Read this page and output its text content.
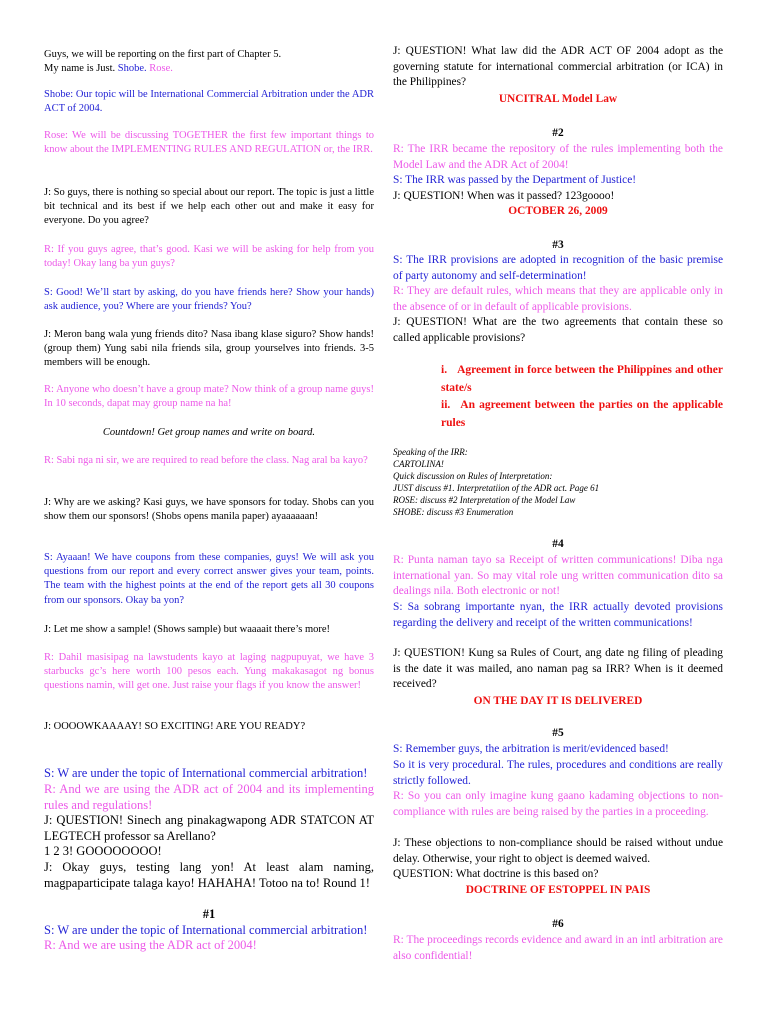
Guys, we will be reporting on the first part of Chapter 5.
My name is Just. Shobe. Rose.
Shobe: Our topic will be International Commercial Arbitration under the ADR ACT of 2004.
Rose: We will be discussing TOGETHER the first few important things to know about the IMPLEMENTING RULES AND REGULATION or, the IRR.
J: So guys, there is nothing so special about our report. The topic is just a little bit technical and its best if we help each other out and make it easy for everyone. Do you agree?
R: If you guys agree, that’s good. Kasi we will be asking for help from you today! Okay lang ba yun guys?
S: Good! We’ll start by asking, do you have friends here? Show your hands) ask audience, you? Where are your friends? You?
J: Meron bang wala yung friends dito? Nasa ibang klase siguro? Show hands! (group them) Yung sabi nila friends sila, group yourselves into friends. 3-5 members will be enough.
R: Anyone who doesn’t have a group mate? Now think of a group name guys! In 10 seconds, dapat may group name na ha!
Countdown! Get group names and write on board.
R: Sabi nga ni sir, we are required to read before the class. Nag aral ba kayo?
J: Why are we asking? Kasi guys, we have sponsors for today. Shobs can you show them our sponsors! (Shobs opens manila paper) ayaaaaaan!
S: Ayaaan! We have coupons from these companies, guys! We will ask you questions from our report and every correct answer gives your team, points. The team with the highest points at the end of the report gets all 30 coupons from our sponsors. Okay ba yon?
J: Let me show a sample! (Shows sample) but waaaait there’s more!
R: Dahil masisipag na lawstudents kayo at laging nagpupuyat, we have 3 starbucks gc’s here worth 100 pesos each. Yung makakasagot ng bonus questions namin, will get one. Just raise your flags if you know the answer!
J: OOOOWKAAAAY! SO EXCITING! ARE YOU READY?
S: W are under the topic of International commercial arbitration!
R: And we are using the ADR act of 2004 and its implementing rules and regulations!
J: QUESTION! Sinech ang pinakagwapong ADR STATCON AT LEGTECH professor sa Arellano?
1 2 3! GOOOOOOOO!
J: Okay guys, testing lang yon! At least alam naming, magpaparticipate talaga kayo! HAHAHA! Totoo na to! Round 1!
#1
S: W are under the topic of International commercial arbitration!
R: And we are using the ADR act of 2004!
J: QUESTION! What law did the ADR ACT OF 2004 adopt as the governing statute for international commercial arbitration (or ICA) in the Philippines?
UNCITRAL Model Law
#2
R: The IRR became the repository of the rules implementing both the Model Law and the ADR Act of 2004!
S: The IRR was passed by the Department of Justice!
J: QUESTION! When was it passed? 123goooo!
OCTOBER 26, 2009
#3
S: The IRR provisions are adopted in recognition of the basic premise of party autonomy and self-determination!
R: They are default rules, which means that they are applicable only in the absence of or in default of applicable provisions.
J: QUESTION! What are the two agreements that contain these so called applicable provisions?
i. Agreement in force between the Philippines and other state/s
ii. An agreement between the parties on the applicable rules
Speaking of the IRR:
CARTOLINA!
Quick discussion on Rules of Interpretation:
JUST discuss #1. Interpretatiion of the ADR act. Page 61
ROSE: discuss #2 Interpretation of the Model Law
SHOBE: discuss #3 Enumeration
#4
R: Punta naman tayo sa Receipt of written communications! Diba nga international yan. So may vital role ung written communication dito sa dealings nila. Both electronic or not!
S: Sa sobrang importante nyan, the IRR actually devoted provisions regarding the delivery and receipt of the written communications!
J: QUESTION! Kung sa Rules of Court, ang date ng filing of pleading is the date it was mailed, ano naman pag sa IRR? When is it deemed received?
ON THE DAY IT IS DELIVERED
#5
S: Remember guys, the arbitration is merit/evidenced based!
So it is very procedural. The rules, procedures and conditions are really strictly followed.
R: So you can only imagine kung gaano kadaming objections to non-compliance with rules are being raised by the parties in a proceeding.
J: These objections to non-compliance should be raised without undue delay. Otherwise, your right to object is deemed waived.
QUESTION: What doctrine is this based on?
DOCTRINE OF ESTOPPEL IN PAIS
#6
R: The proceedings records evidence and award in an intl arbitration are also confidential!
